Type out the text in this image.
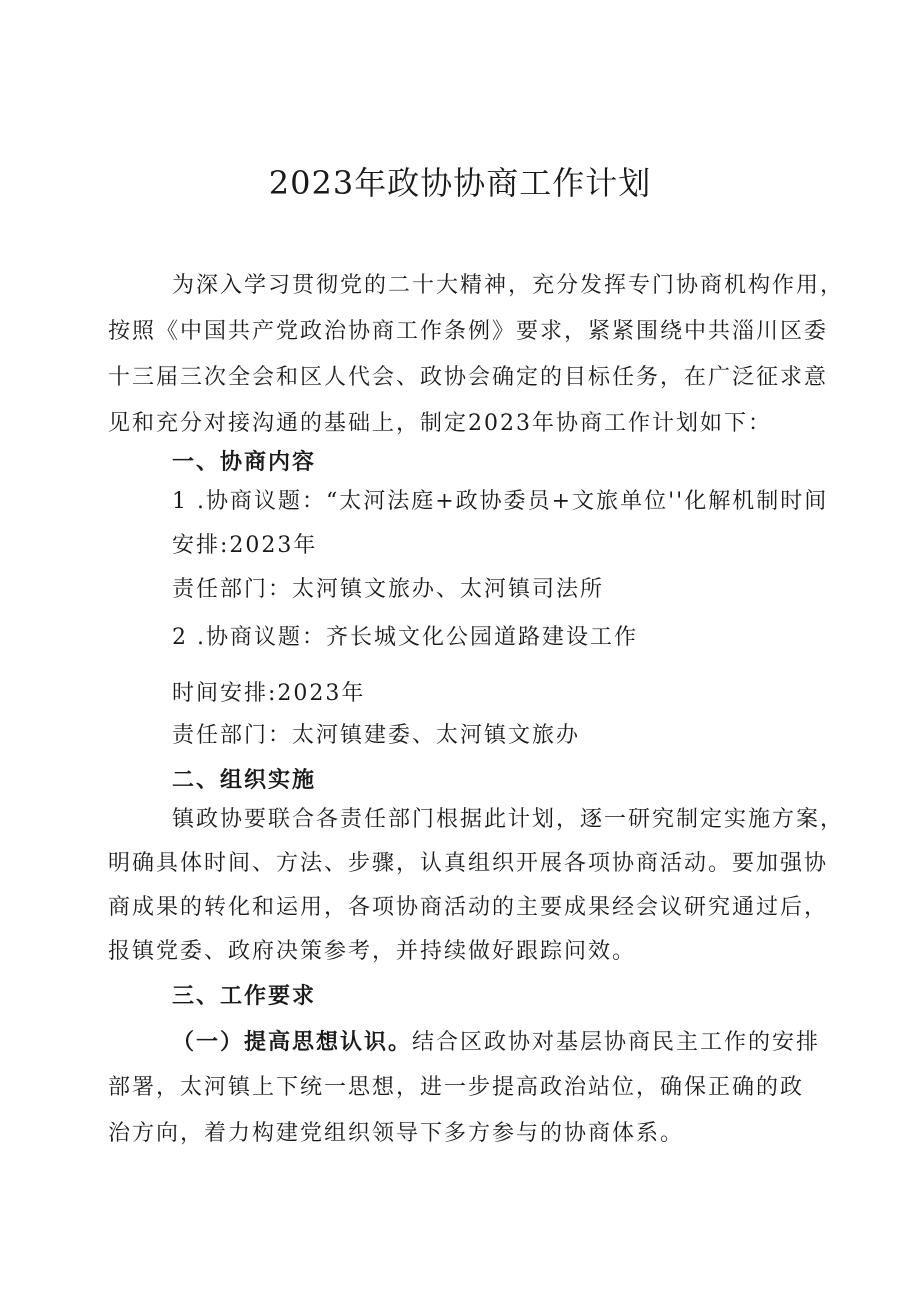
2023年政协协商工作计划
为深入学习贯彻党的二十大精神，充分发挥专门协商机构作用，
按照《中国共产党政治协商工作条例》要求，紧紧围绕中共淄川区委
十三届三次全会和区人代会、政协会确定的目标任务，在广泛征求意
见和充分对接沟通的基础上，制定2023年协商工作计划如下：
一、协商内容
1 .协商议题：“太河法庭+政协委员+文旅单位''化解机制时间
安排:2023年
责任部门：太河镇文旅办、太河镇司法所
2 .协商议题：齐长城文化公园道路建设工作
时间安排:2023年
责任部门：太河镇建委、太河镇文旅办
二、组织实施
镇政协要联合各责任部门根据此计划，逐一研究制定实施方案，
明确具体时间、方法、步骤，认真组织开展各项协商活动。要加强协
商成果的转化和运用，各项协商活动的主要成果经会议研究通过后，
报镇党委、政府决策参考，并持续做好跟踪问效。
三、工作要求
（一）提高思想认识。结合区政协对基层协商民主工作的安排
部署，太河镇上下统一思想，进一步提高政治站位，确保正确的政
治方向，着力构建党组织领导下多方参与的协商体系。
